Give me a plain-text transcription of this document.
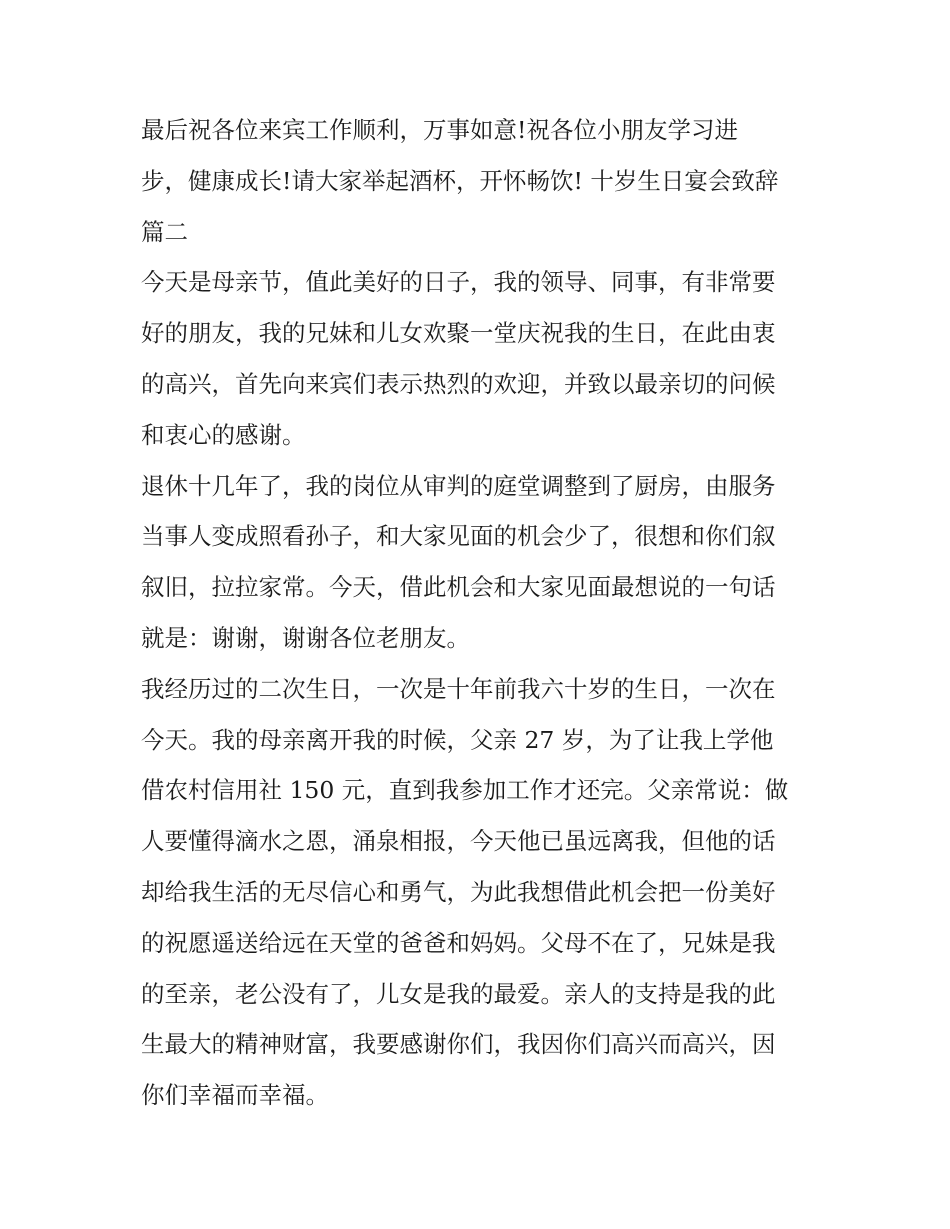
最后祝各位来宾工作顺利，万事如意!祝各位小朋友学习进
步，健康成长!请大家举起酒杯，开怀畅饮! 十岁生日宴会致辞
篇二
今天是母亲节，值此美好的日子，我的领导、同事，有非常要
好的朋友，我的兄妹和儿女欢聚一堂庆祝我的生日，在此由衷
的高兴，首先向来宾们表示热烈的欢迎，并致以最亲切的问候
和衷心的感谢。
退休十几年了，我的岗位从审判的庭堂调整到了厨房，由服务
当事人变成照看孙子，和大家见面的机会少了，很想和你们叙
叙旧，拉拉家常。今天，借此机会和大家见面最想说的一句话
就是：谢谢，谢谢各位老朋友。
我经历过的二次生日，一次是十年前我六十岁的生日，一次在
今天。我的母亲离开我的时候，父亲 27 岁，为了让我上学他
借农村信用社 150 元，直到我参加工作才还完。父亲常说：做
人要懂得滴水之恩，涌泉相报，今天他已虽远离我，但他的话
却给我生活的无尽信心和勇气，为此我想借此机会把一份美好
的祝愿遥送给远在天堂的爸爸和妈妈。父母不在了，兄妹是我
的至亲，老公没有了，儿女是我的最爱。亲人的支持是我的此
生最大的精神财富，我要感谢你们，我因你们高兴而高兴，因
你们幸福而幸福。
